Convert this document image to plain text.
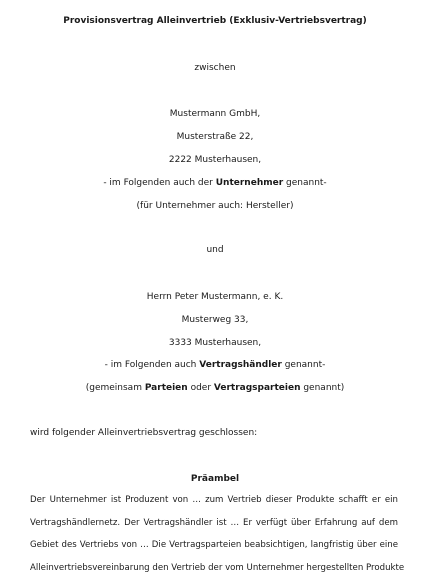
Provisionsvertrag Alleinvertrieb (Exklusiv-Vertriebsvertrag)
zwischen
Mustermann GmbH,
Musterstraße 22,
2222 Musterhausen,
- im Folgenden auch der Unternehmer genannt-
(für Unternehmer auch: Hersteller)
und
Herrn Peter Mustermann, e. K.
Musterweg 33,
3333 Musterhausen,
- im Folgenden auch Vertragshändler genannt-
(gemeinsam Parteien oder Vertragsparteien genannt)
wird folgender Alleinvertriebsvertrag geschlossen:
Präambel
Der Unternehmer ist Produzent von … zum Vertrieb dieser Produkte schafft er ein
Vertragshändlernetz. Der Vertragshändler ist … Er verfügt über Erfahrung auf dem
Gebiet des Vertriebs von … Die Vertragsparteien beabsichtigen, langfristig über eine
Alleinvertriebsvereinbarung den Vertrieb der vom Unternehmer hergestellten Produkte
